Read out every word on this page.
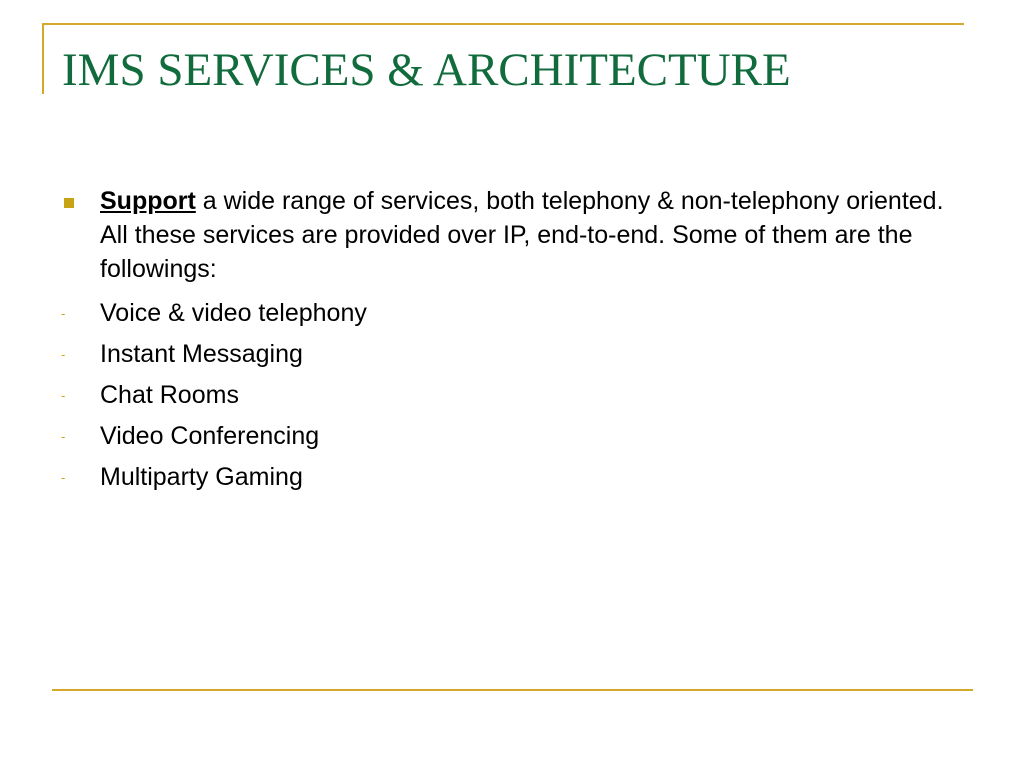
IMS SERVICES & ARCHITECTURE
Support a wide range of services, both telephony & non-telephony oriented. All these services are provided over IP, end-to-end. Some of them are the followings:
- Voice & video telephony
- Instant Messaging
- Chat Rooms
- Video Conferencing
- Multiparty Gaming
